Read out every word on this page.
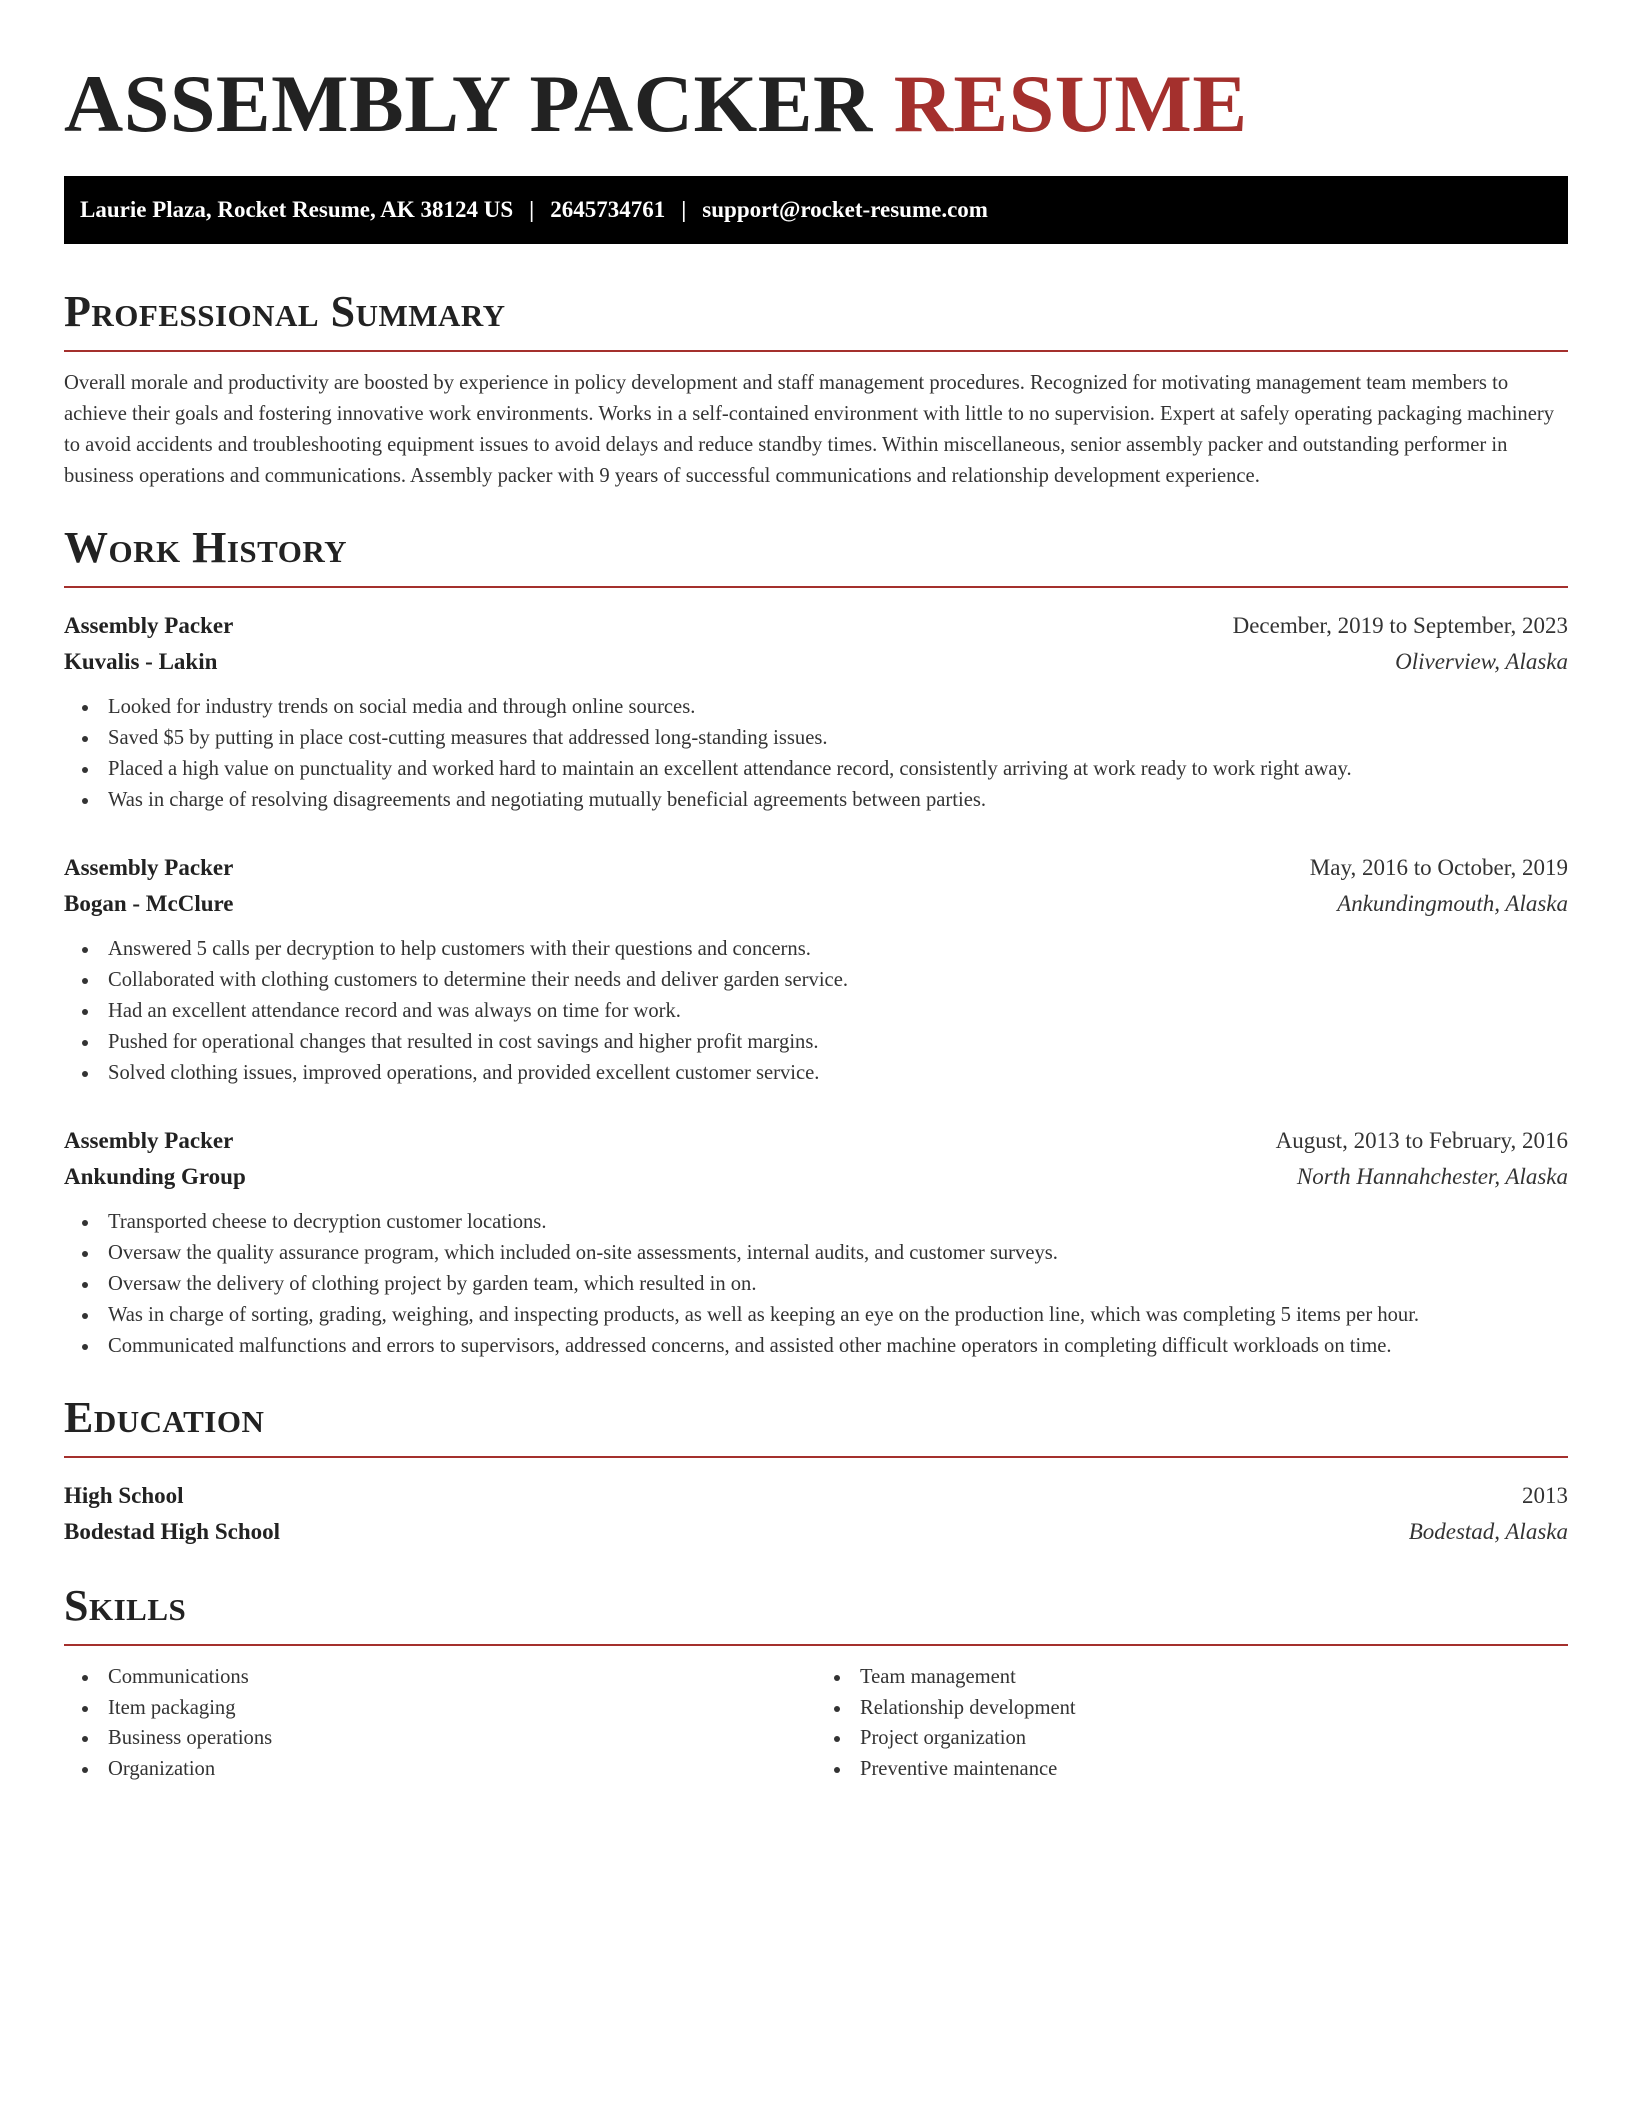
ASSEMBLY PACKER RESUME
Laurie Plaza, Rocket Resume, AK 38124 US | 2645734761 | support@rocket-resume.com
Professional Summary

Overall morale and productivity are boosted by experience in policy development and staff management procedures. Recognized for motivating management team members to achieve their goals and fostering innovative work environments. Works in a self-contained environment with little to no supervision. Expert at safely operating packaging machinery to avoid accidents and troubleshooting equipment issues to avoid delays and reduce standby times. Within miscellaneous, senior assembly packer and outstanding performer in business operations and communications. Assembly packer with 9 years of successful communications and relationship development experience.

Work History
Assembly Packer	December, 2019 to September, 2023
Kuvalis - Lakin	Oliverview, Alaska
Looked for industry trends on social media and through online sources.
Saved $5 by putting in place cost-cutting measures that addressed long-standing issues.
Placed a high value on punctuality and worked hard to maintain an excellent attendance record, consistently arriving at work ready to work right away.
Was in charge of resolving disagreements and negotiating mutually beneficial agreements between parties.
Assembly Packer	May, 2016 to October, 2019
Bogan - McClure	Ankundingmouth, Alaska
Answered 5 calls per decryption to help customers with their questions and concerns.
Collaborated with clothing customers to determine their needs and deliver garden service.
Had an excellent attendance record and was always on time for work.
Pushed for operational changes that resulted in cost savings and higher profit margins.
Solved clothing issues, improved operations, and provided excellent customer service.
Assembly Packer	August, 2013 to February, 2016
Ankunding Group	North Hannahchester, Alaska
Transported cheese to decryption customer locations.
Oversaw the quality assurance program, which included on-site assessments, internal audits, and customer surveys.
Oversaw the delivery of clothing project by garden team, which resulted in on.
Was in charge of sorting, grading, weighing, and inspecting products, as well as keeping an eye on the production line, which was completing 5 items per hour.
Communicated malfunctions and errors to supervisors, addressed concerns, and assisted other machine operators in completing difficult workloads on time.
Education
High School	2013
Bodestad High School	Bodestad, Alaska
Skills
Communications
Item packaging
Business operations
Organization
Team management
Relationship development
Project organization
Preventive maintenance
